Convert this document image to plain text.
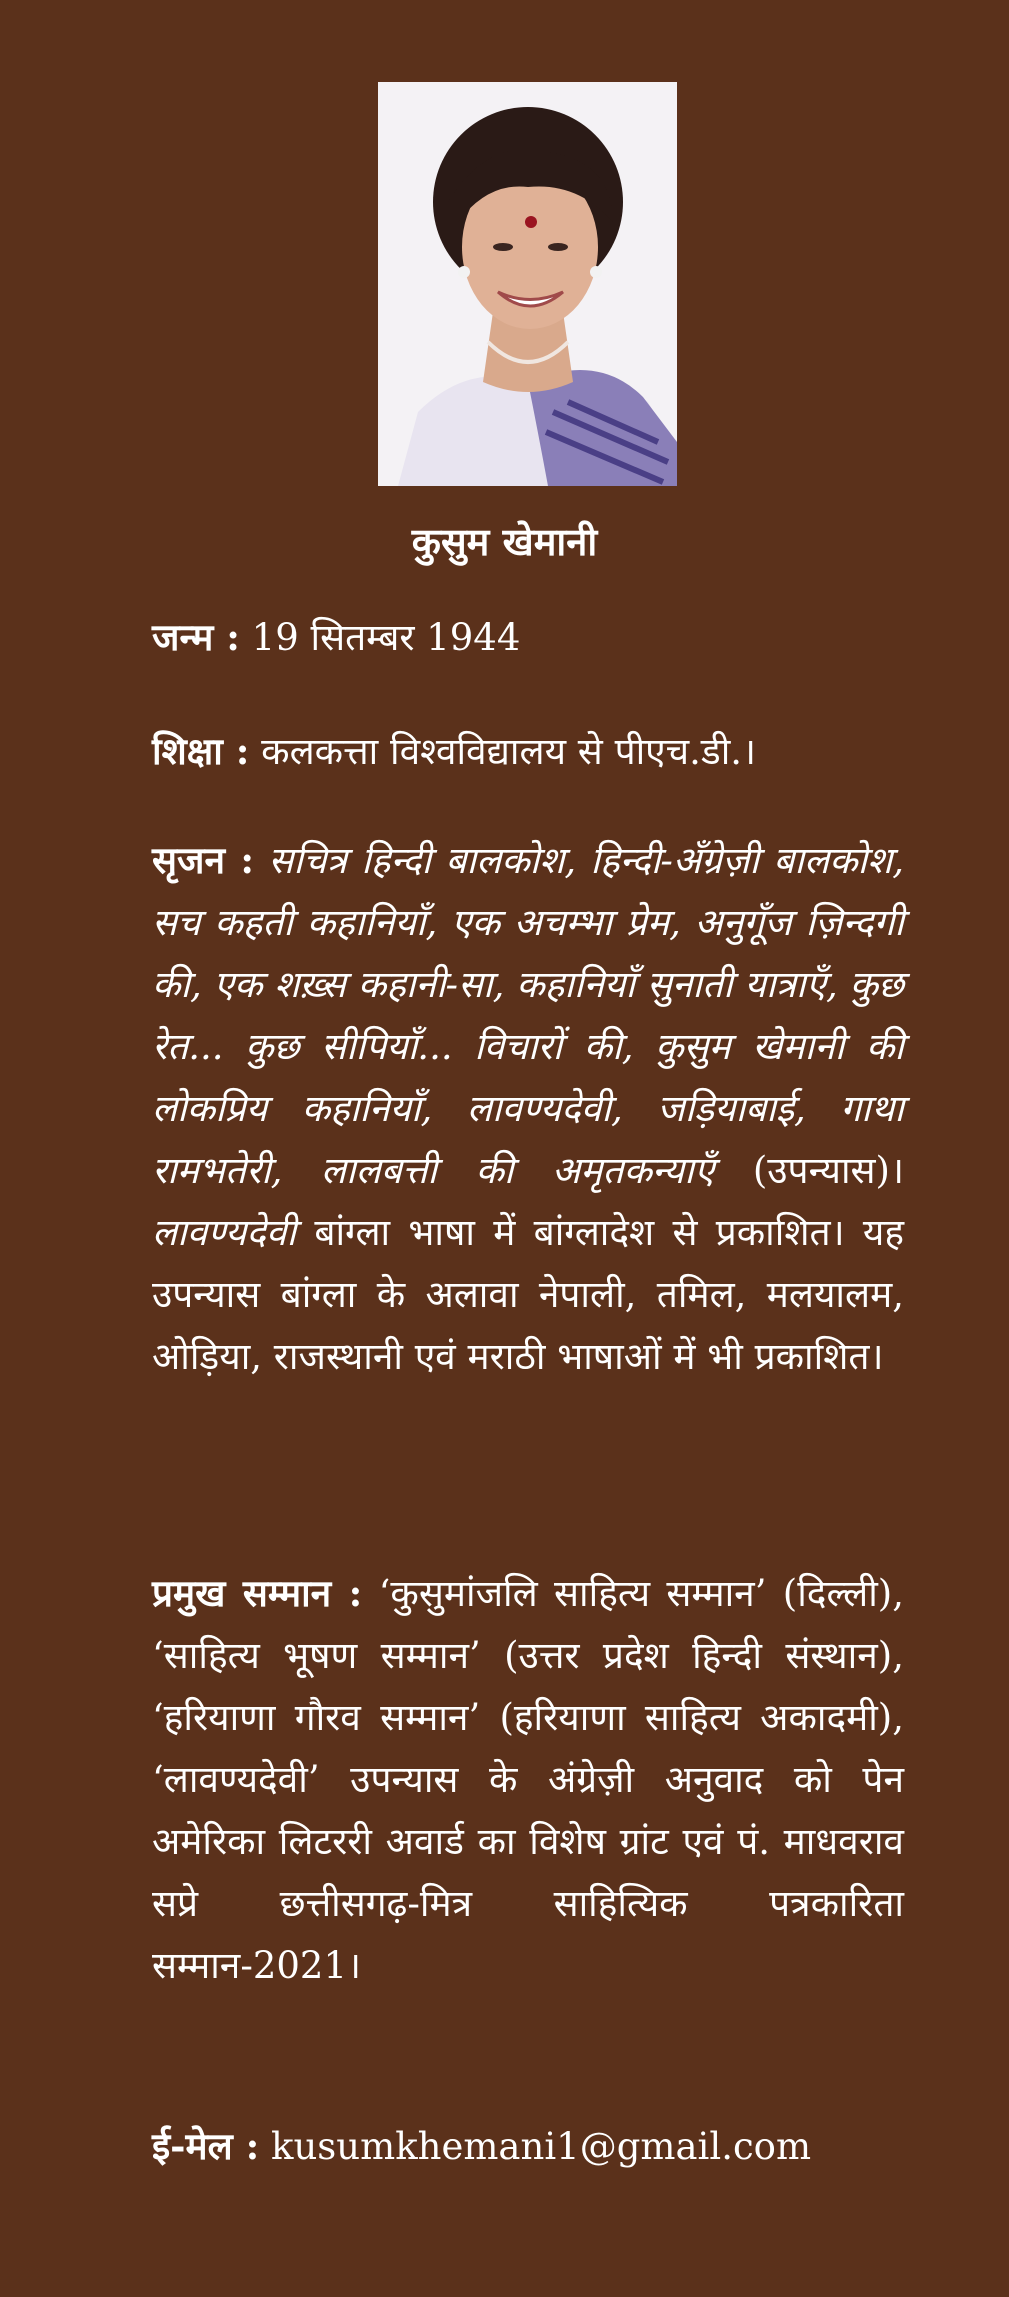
कुसुम खेमानी
जन्म : 19 सितम्बर 1944
शिक्षा : कलकत्ता विश्वविद्यालय से पीएच.डी.।
सृजन : सचित्र हिन्दी बालकोश, हिन्दी-अँग्रेज़ी बालकोश, सच कहती कहानियाँ, एक अचम्भा प्रेम, अनुगूँज ज़िन्दगी की, एक शख़्स कहानी-सा, कहानियाँ सुनाती यात्राएँ, कुछ रेत... कुछ सीपियाँ... विचारों की, कुसुम खेमानी की लोकप्रिय कहानियाँ, लावण्यदेवी, जड़ियाबाई, गाथा रामभतेरी, लालबत्ती की अमृतकन्याएँ (उपन्यास)। लावण्यदेवी बांग्ला भाषा में बांग्लादेश से प्रकाशित। यह उपन्यास बांग्ला के अलावा नेपाली, तमिल, मलयालम, ओड़िया, राजस्थानी एवं मराठी भाषाओं में भी प्रकाशित।
प्रमुख सम्मान : ‘कुसुमांजलि साहित्य सम्मान’ (दिल्ली), ‘साहित्य भूषण सम्मान’ (उत्तर प्रदेश हिन्दी संस्थान), ‘हरियाणा गौरव सम्मान’ (हरियाणा साहित्य अकादमी), ‘लावण्यदेवी’ उपन्यास के अंग्रेज़ी अनुवाद को पेन अमेरिका लिटररी अवार्ड का विशेष ग्रांट एवं पं. माधवराव सप्रे छत्तीसगढ़-मित्र साहित्यिक पत्रकारिता सम्मान-2021।
ई-मेल : kusumkhemani1@gmail.com
